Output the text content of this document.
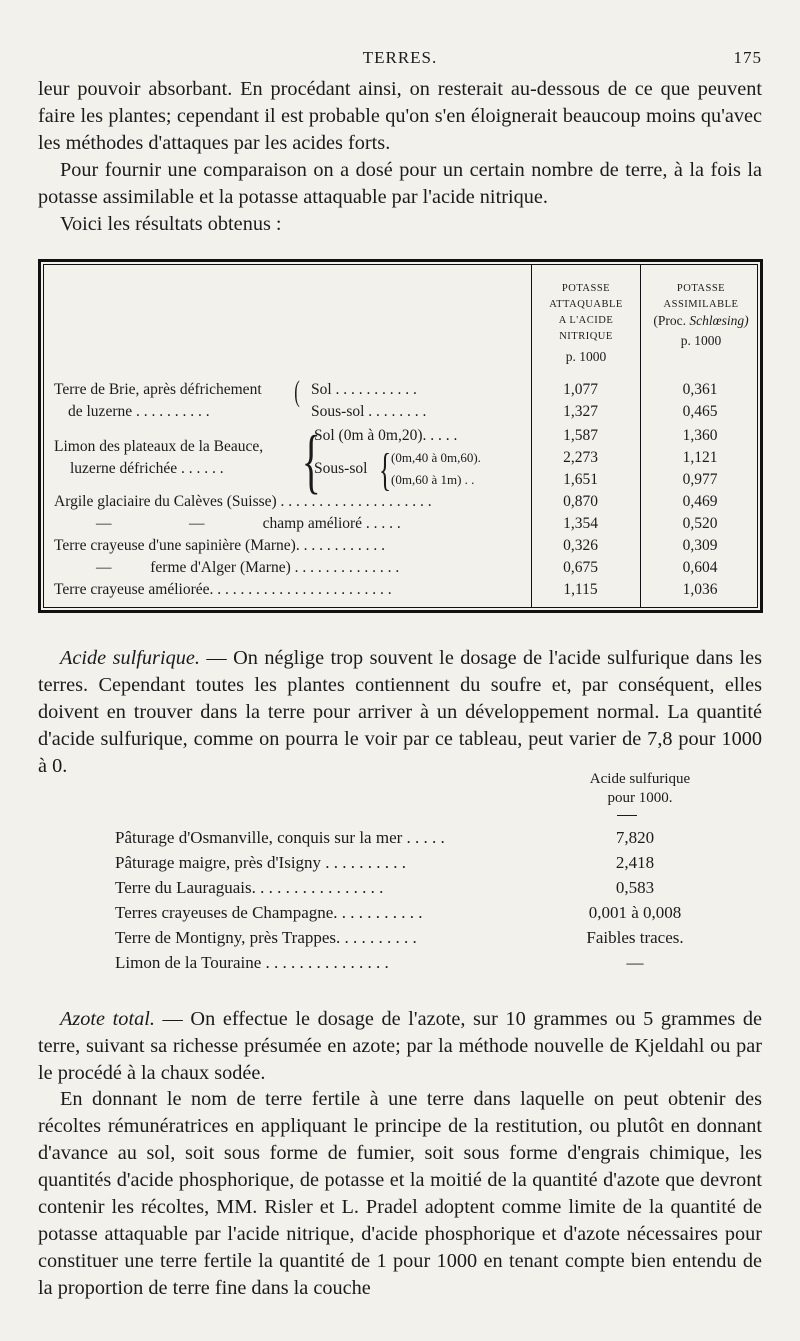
TERRES.	175

leur pouvoir absorbant. En procédant ainsi, on resterait au-dessous de ce que peuvent faire les plantes; cependant il est probable qu'on s'en éloignerait beaucoup moins qu'avec les méthodes d'attaques par les acides forts.

Pour fournir une comparaison on a dosé pour un certain nombre de terre, à la fois la potasse assimilable et la potasse attaquable par l'acide nitrique.

Voici les résultats obtenus :

POTASSE
ATTAQUABLE
A L'ACIDE NITRIQUE
p. 1000
POTASSE
ASSIMILABLE
(Proc. Schlœsing)
p. 1000
Terre de Brie, après défrichement ( Sol . . . . . . . . . . .	1,077	0,361
de luzerne . . . . . . . . . .	Sous-sol . . . . . . . .	1,327	0,465
{
Limon des plateaux de la Beauce,
Sol (0m à 0m,20). . . . .	1,587	1,360
luzerne défrichée . . . . . .	Sous-sol { (0m,40 à 0m,60).	2,273	1,121
(0m,60 à 1m) . .	1,651	0,977
Argile glaciaire du Calèves (Suisse) . . . . . . . . . . . . . . . . . . . .	0,870	0,469
—                    —               champ amélioré . . . . .	1,354	0,520
Terre crayeuse d'une sapinière (Marne). . . . . . . . . . . .	0,326	0,309
—          ferme d'Alger (Marne) . . . . . . . . . . . . . .	0,675	0,604
Terre crayeuse améliorée. . . . . . . . . . . . . . . . . . . . . . . .	1,115	1,036

Acide sulfurique. — On néglige trop souvent le dosage de l'acide sulfurique dans les terres. Cependant toutes les plantes contiennent du soufre et, par conséquent, elles doivent en trouver dans la terre pour arriver à un développement normal. La quantité d'acide sulfurique, comme on pourra le voir par ce tableau, peut varier de 7,8 pour 1000 à 0.

Acide sulfurique
pour 1000.
Pâturage d'Osmanville, conquis sur la mer . . . . .	7,820
Pâturage maigre, près d'Isigny . . . . . . . . . .	2,418
Terre du Lauraguais. . . . . . . . . . . . . . . .	0,583
Terres crayeuses de Champagne. . . . . . . . . . .	0,001 à 0,008
Terre de Montigny, près Trappes. . . . . . . . . .	Faibles traces.
Limon de la Touraine . . . . . . . . . . . . . . .	—

Azote total. — On effectue le dosage de l'azote, sur 10 grammes ou 5 grammes de terre, suivant sa richesse présumée en azote; par la méthode nouvelle de Kjeldahl ou par le procédé à la chaux sodée.

En donnant le nom de terre fertile à une terre dans laquelle on peut obtenir des récoltes rémunératrices en appliquant le principe de la restitution, ou plutôt en donnant d'avance au sol, soit sous forme de fumier, soit sous forme d'engrais chimique, les quantités d'acide phosphorique, de potasse et la moitié de la quantité d'azote que devront contenir les récoltes, MM. Risler et L. Pradel adoptent comme limite de la quantité de potasse attaquable par l'acide nitrique, d'acide phosphorique et d'azote nécessaires pour constituer une terre fertile la quantité de 1 pour 1000 en tenant compte bien entendu de la proportion de terre fine dans la couche
